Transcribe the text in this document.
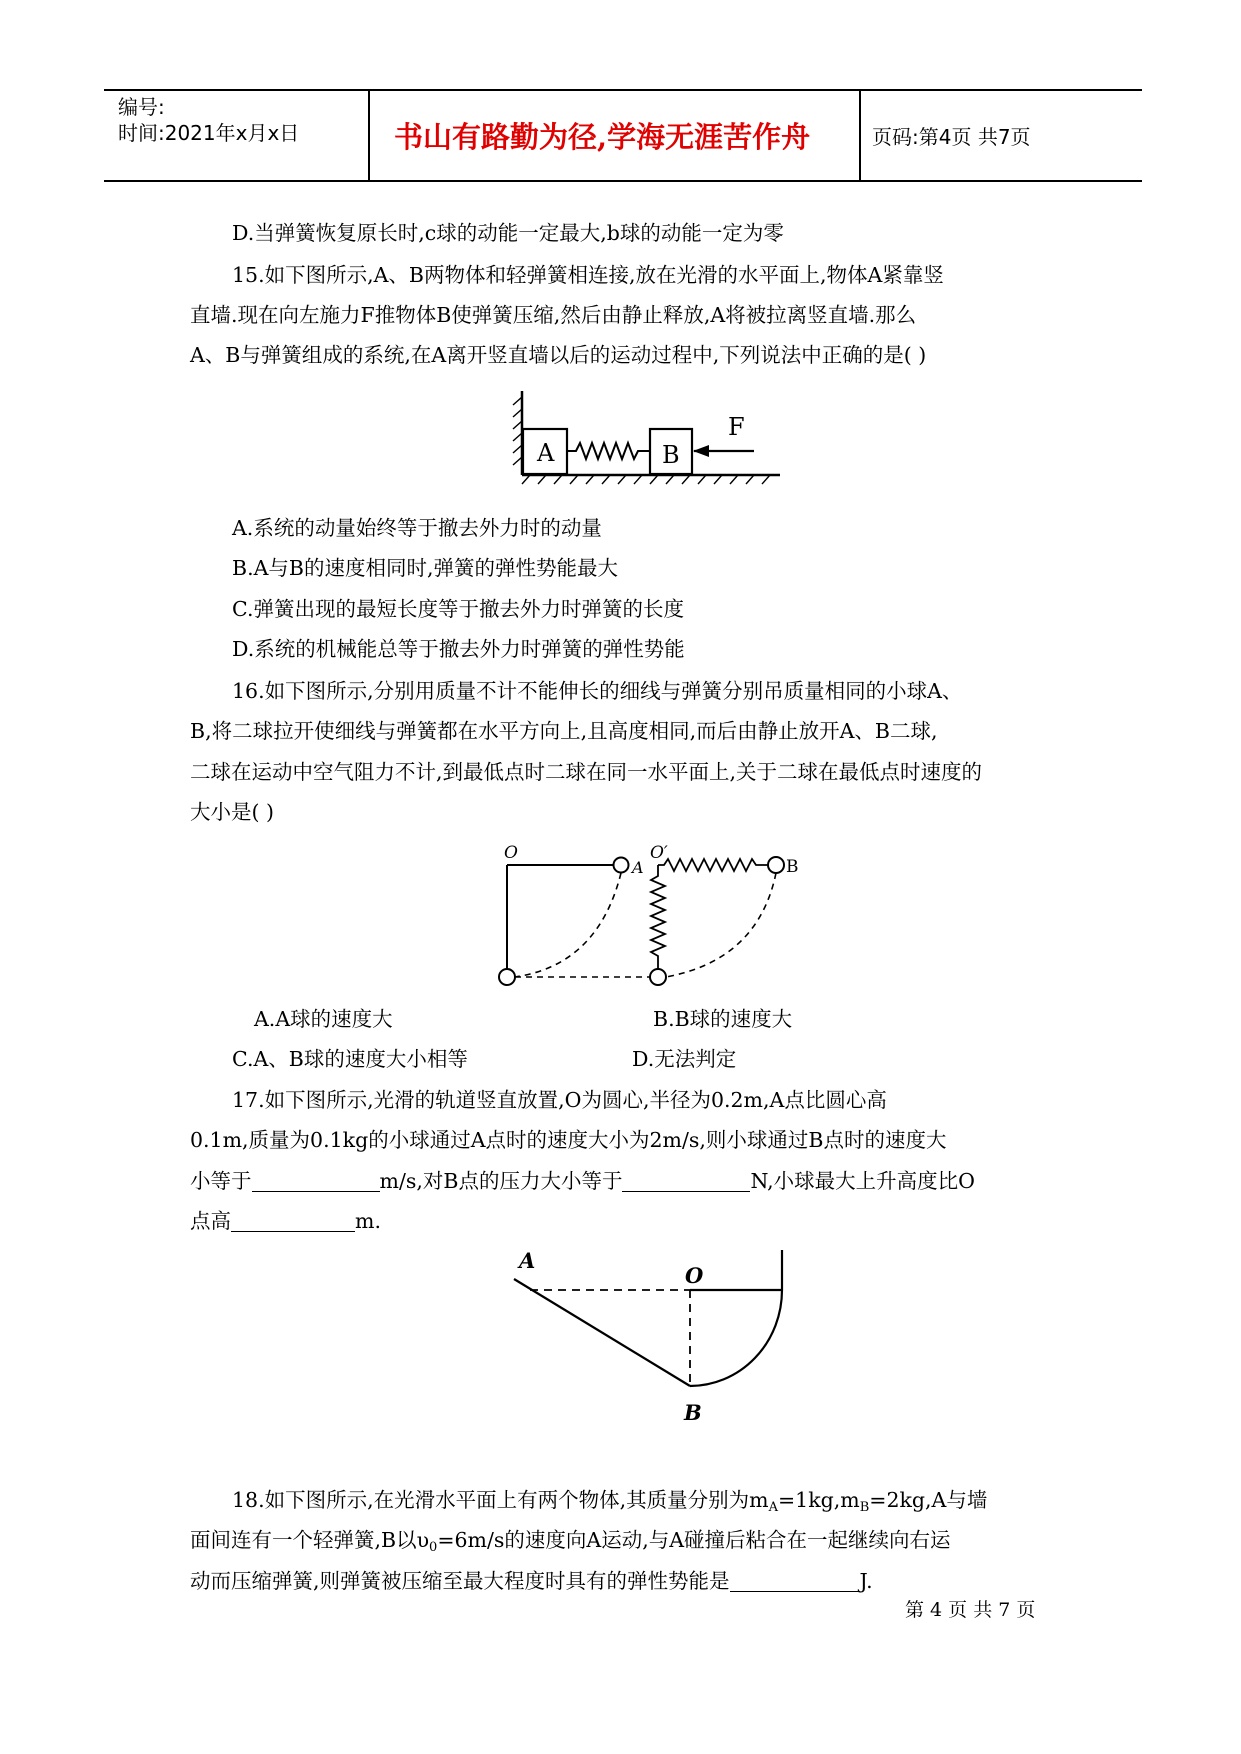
编号:
时间:2021年x月x日	书山有路勤为径,学海无涯苦作舟	页码:第4页 共7页
D.当弹簧恢复原长时,c球的动能一定最大,b球的动能一定为零
15.如下图所示,A、B两物体和轻弹簧相连接,放在光滑的水平面上,物体A紧靠竖
直墙.现在向左施力F推物体B使弹簧压缩,然后由静止释放,A将被拉离竖直墙.那么
A、B与弹簧组成的系统,在A离开竖直墙以后的运动过程中,下列说法中正确的是( )
A	B
F
A.系统的动量始终等于撤去外力时的动量
B.A与B的速度相同时,弹簧的弹性势能最大
C.弹簧出现的最短长度等于撤去外力时弹簧的长度
D.系统的机械能总等于撤去外力时弹簧的弹性势能
16.如下图所示,分别用质量不计不能伸长的细线与弹簧分别吊质量相同的小球A、
B,将二球拉开使细线与弹簧都在水平方向上,且高度相同,而后由静止放开A、B二球,
二球在运动中空气阻力不计,到最低点时二球在同一水平面上,关于二球在最低点时速度的
大小是( )
O
A
O′
B
A.A球的速度大	B.B球的速度大
C.A、B球的速度大小相等	D.无法判定
17.如下图所示,光滑的轨道竖直放置,O为圆心,半径为0.2m,A点比圆心高
0.1m,质量为0.1kg的小球通过A点时的速度大小为2m/s,则小球通过B点时的速度大
小等于	m/s,对B点的压力大小等于	N,小球最大上升高度比O
点高	m.
A
O
B
18.如下图所示,在光滑水平面上有两个物体,其质量分别为$m_A=1kg,m_B=2kg,A$与墙
面间连有一个轻弹簧,B以$\upsilon_0=6m/s$的速度向A运动,与A碰撞后粘合在一起继续向右运
动而压缩弹簧,则弹簧被压缩至最大程度时具有的弹性势能是	J.
第 4 页 共 7 页
